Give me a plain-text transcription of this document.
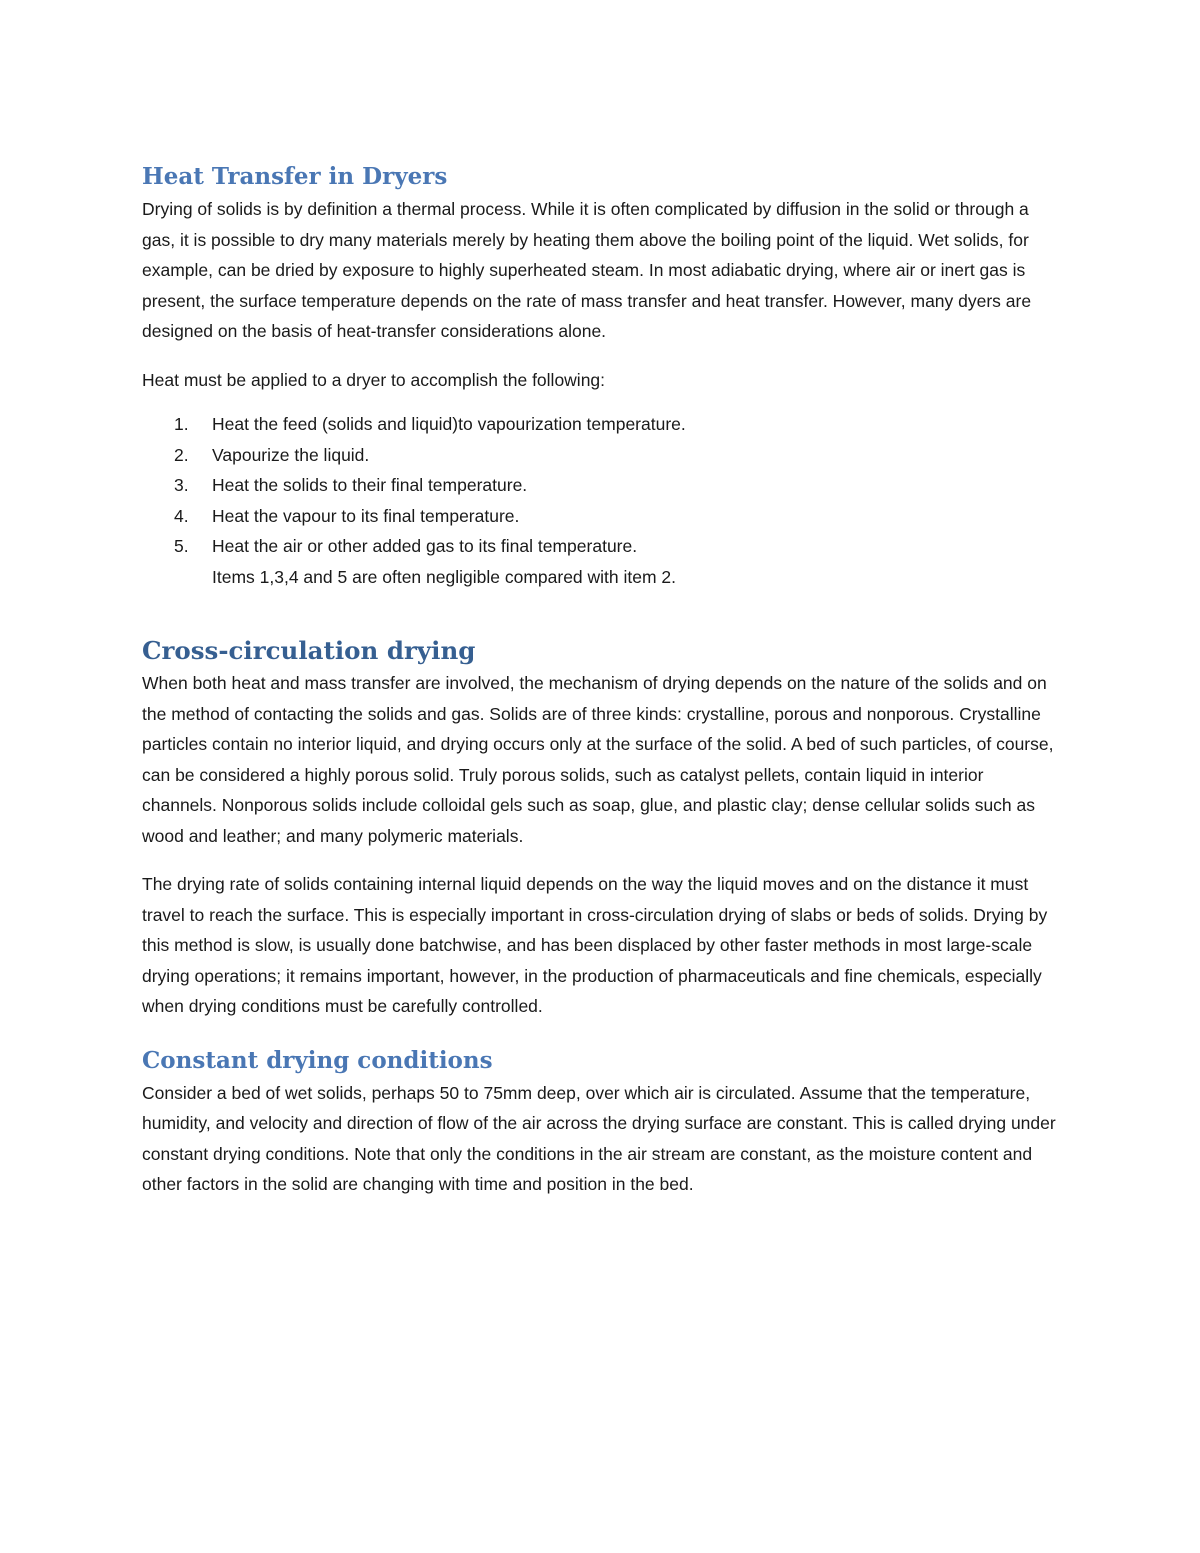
Heat Transfer in Dryers

Drying of solids is by definition a thermal process. While it is often complicated by diffusion in the solid or through a gas, it is possible to dry many materials merely by heating them above the boiling point of the liquid. Wet solids, for example, can be dried by exposure to highly superheated steam. In most adiabatic drying, where air or inert gas is present, the surface temperature depends on the rate of mass transfer and heat transfer. However, many dyers are designed on the basis of heat-transfer considerations alone.

Heat must be applied to a dryer to accomplish the following:

1. Heat the feed (solids and liquid)to vapourization temperature.
2. Vapourize the liquid.
3. Heat the solids to their final temperature.
4. Heat the vapour to its final temperature.
5. Heat the air or other added gas to its final temperature.

Items 1,3,4 and 5 are often negligible compared with item 2.

Cross-circulation drying

When both heat and mass transfer are involved, the mechanism of drying depends on the nature of the solids and on the method of contacting the solids and gas. Solids are of three kinds: crystalline, porous and nonporous. Crystalline particles contain no interior liquid, and drying occurs only at the surface of the solid. A bed of such particles, of course, can be considered a highly porous solid. Truly porous solids, such as catalyst pellets, contain liquid in interior channels. Nonporous solids include colloidal gels such as soap, glue, and plastic clay; dense cellular solids such as wood and leather; and many polymeric materials.

The drying rate of solids containing internal liquid depends on the way the liquid moves and on the distance it must travel to reach the surface. This is especially important in cross-circulation drying of slabs or beds of solids. Drying by this method is slow, is usually done batchwise, and has been displaced by other faster methods in most large-scale drying operations; it remains important, however, in the production of pharmaceuticals and fine chemicals, especially when drying conditions must be carefully controlled.

Constant drying conditions

Consider a bed of wet solids, perhaps 50 to 75mm deep, over which air is circulated. Assume that the temperature, humidity, and velocity and direction of flow of the air across the drying surface are constant. This is called drying under constant drying conditions. Note that only the conditions in the air stream are constant, as the moisture content and other factors in the solid are changing with time and position in the bed.
